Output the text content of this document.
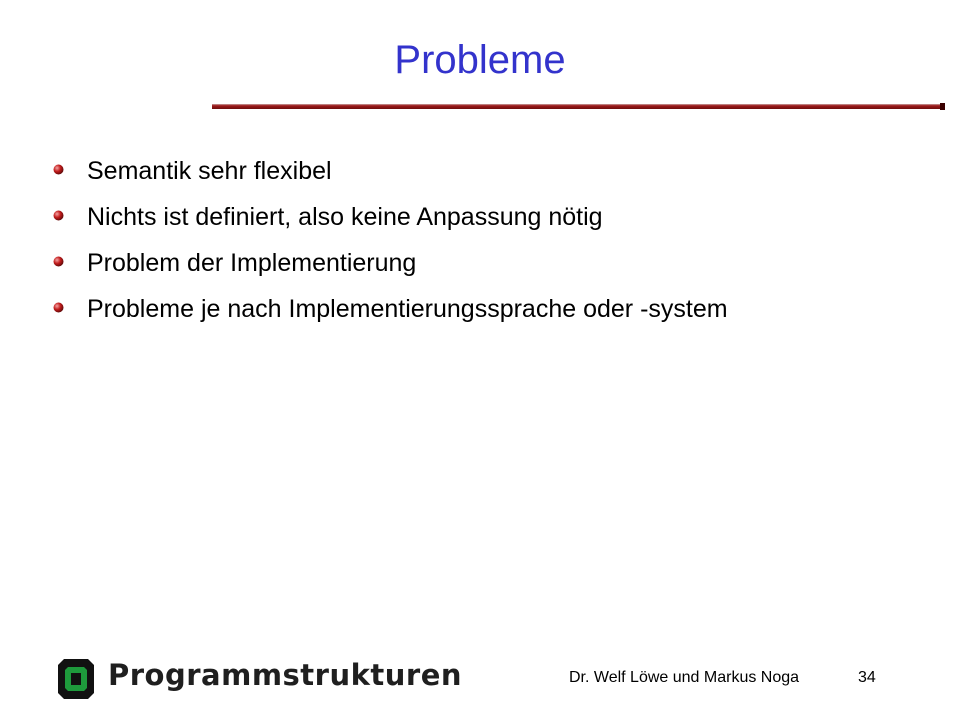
Probleme
Semantik sehr flexibel
Nichts ist definiert, also keine Anpassung nötig
Problem der Implementierung
Probleme je nach Implementierungssprache oder -system
Programmstrukturen	Dr. Welf Löwe und Markus Noga	34
